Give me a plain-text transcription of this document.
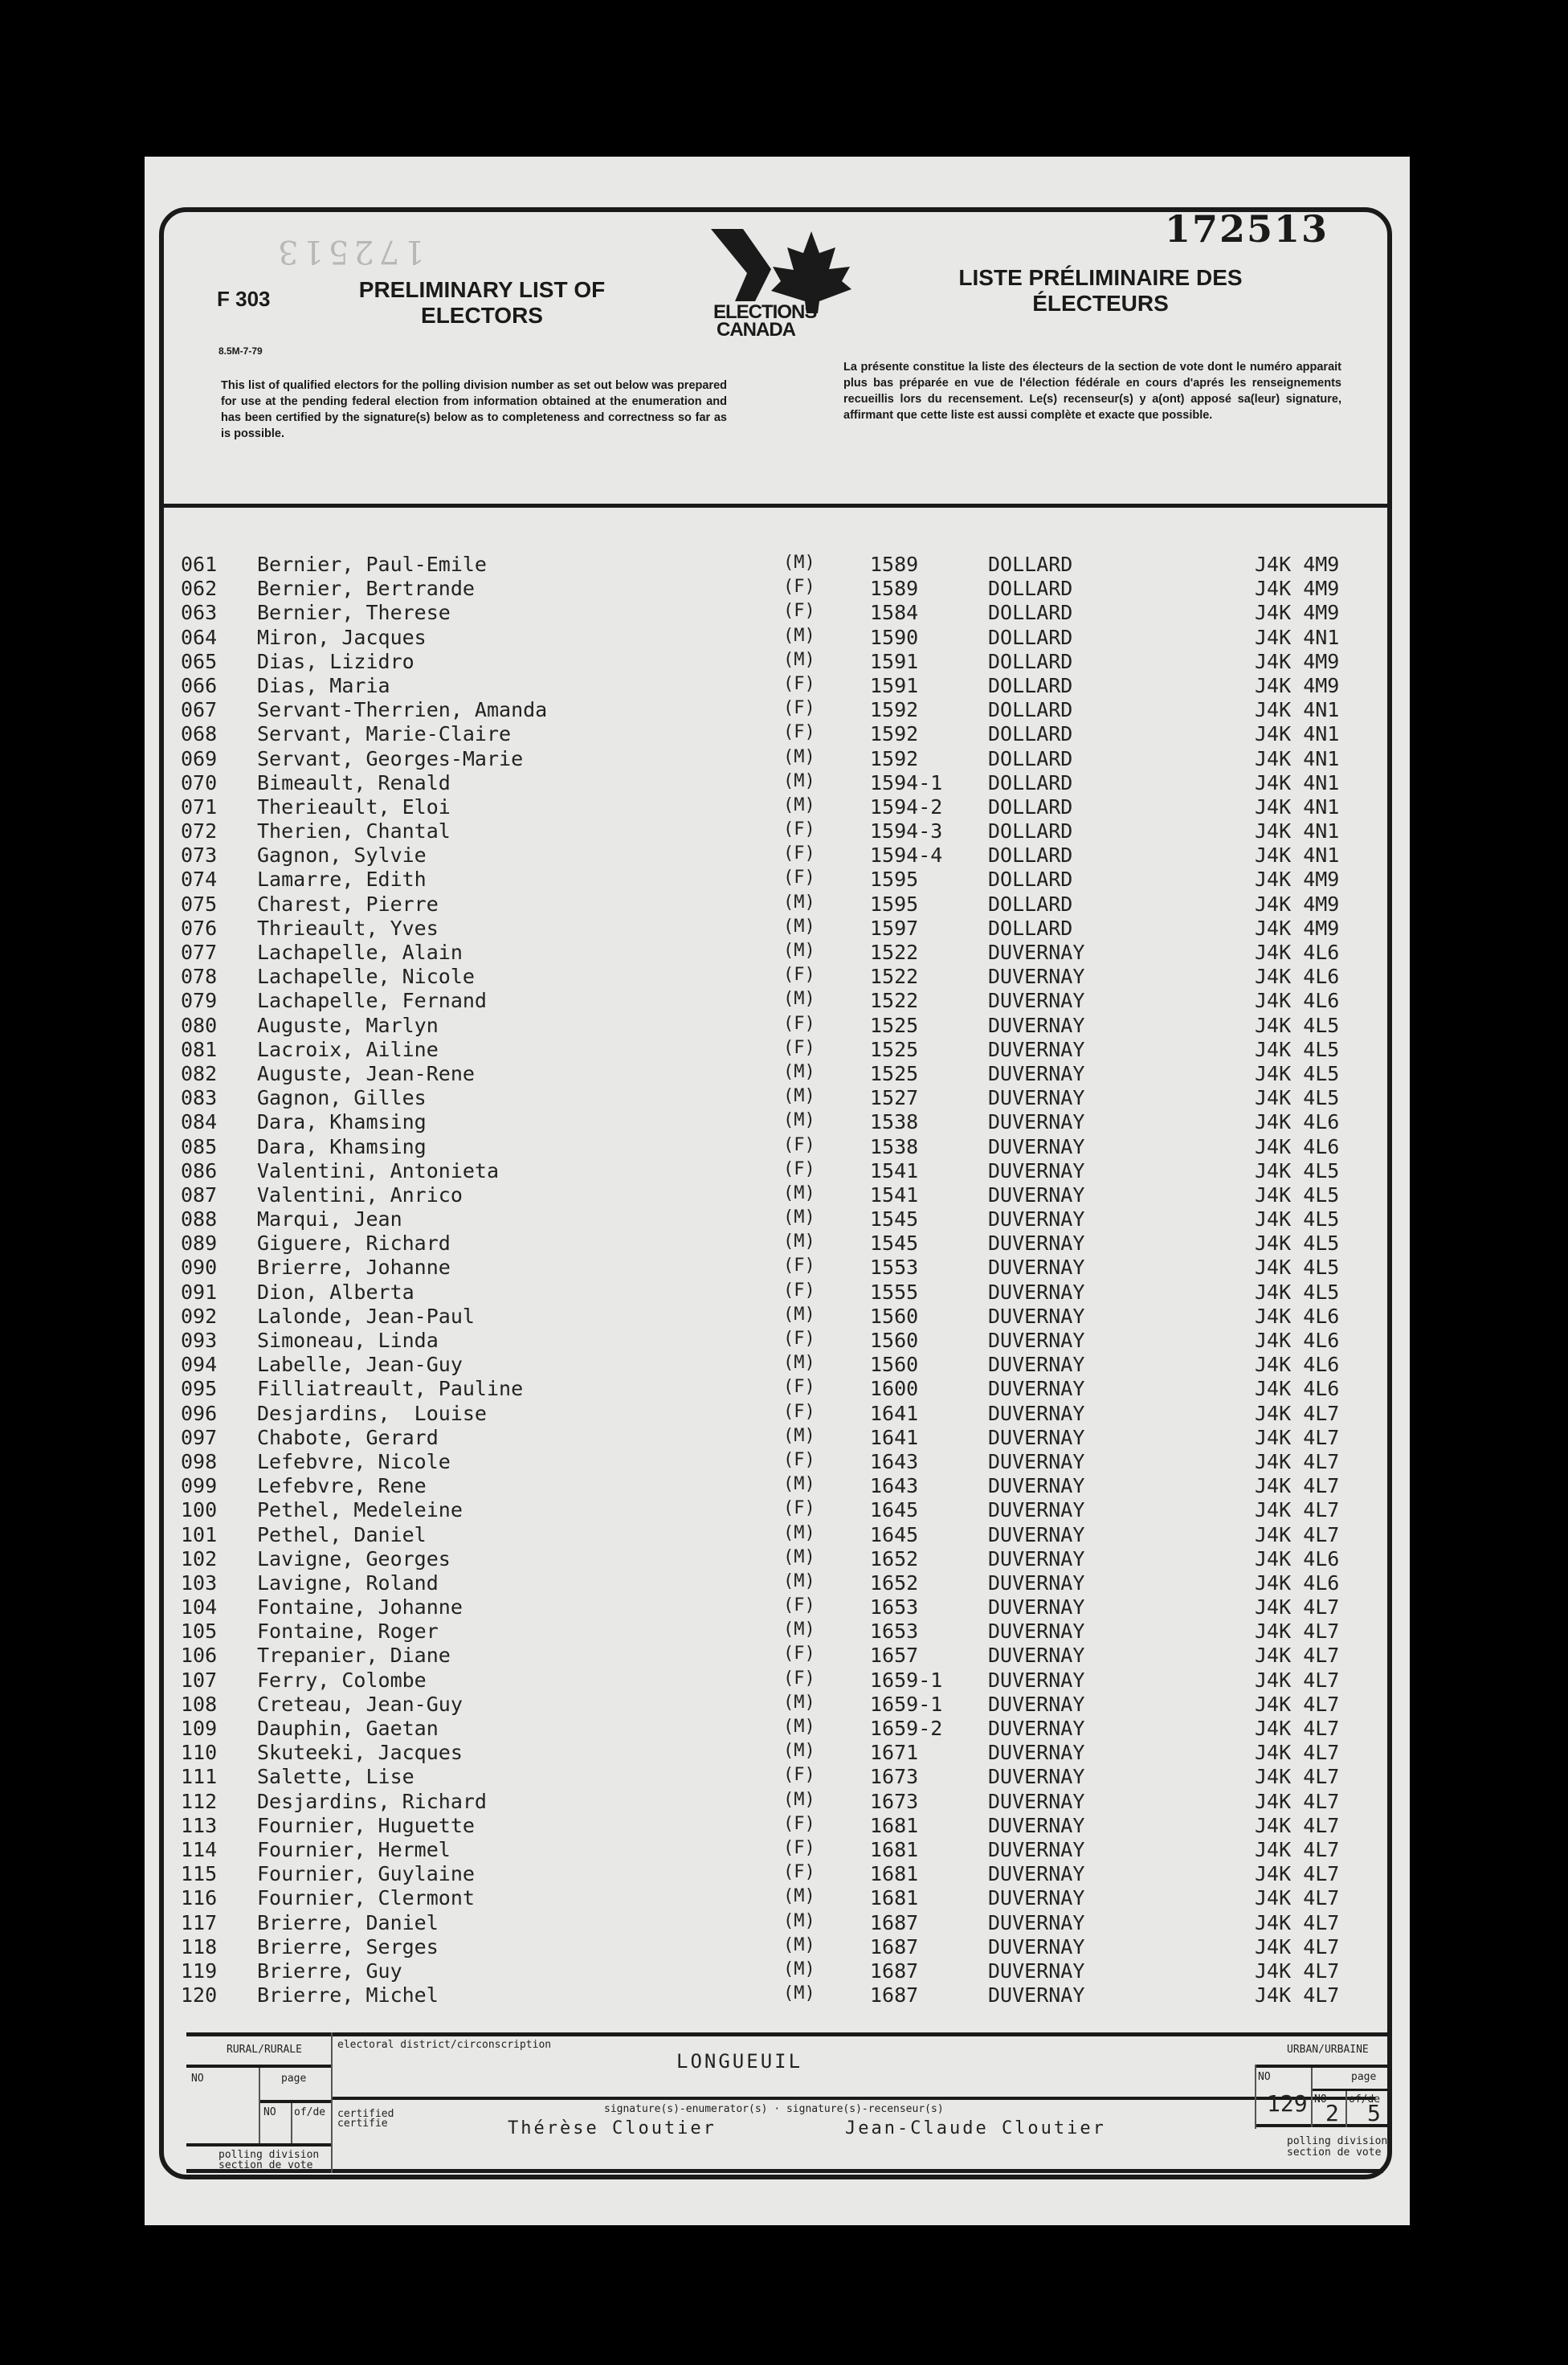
172513
F 303
8.5M-7-79
PRELIMINARY LIST OF
ELECTORS	ELECTIONS
CANADA
172513
LISTE PRÉLIMINAIRE DES
ÉLECTEURS
This list of qualified electors for the polling division number as set out below was prepared for use at the pending federal election from information obtained at the enumeration and has been certified by the signature(s) below as to completeness and correctness so far as is possible.
La présente constitue la liste des électeurs de la section de vote dont le numéro apparait plus bas préparée en vue de l'élection fédérale en cours d'aprés les renseignements recueillis lors du recensement. Le(s) recenseur(s) y a(ont) apposé sa(leur) signature, affirmant que cette liste est aussi complète et exacte que possible.
061 Bernier, Paul-Emile	(M)	1589	DOLLARD	J4K 4M9
062 Bernier, Bertrande	(F)	1589	DOLLARD	J4K 4M9
063 Bernier, Therese	(F)	1584	DOLLARD	J4K 4M9
064 Miron, Jacques	(M)	1590	DOLLARD	J4K 4N1
065 Dias, Lizidro	(M)	1591	DOLLARD	J4K 4M9
066 Dias, Maria	(F)	1591	DOLLARD	J4K 4M9
067 Servant-Therrien, Amanda	(F)	1592	DOLLARD	J4K 4N1
068 Servant, Marie-Claire	(F)	1592	DOLLARD	J4K 4N1
069 Servant, Georges-Marie	(M)	1592	DOLLARD	J4K 4N1
070 Bimeault, Renald	(M)	1594-1 DOLLARD	J4K 4N1
071 Therieault, Eloi	(M)	1594-2 DOLLARD	J4K 4N1
072 Therien, Chantal	(F)	1594-3 DOLLARD	J4K 4N1
073 Gagnon, Sylvie	(F)	1594-4 DOLLARD	J4K 4N1
074 Lamarre, Edith	(F)	1595	DOLLARD	J4K 4M9
075 Charest, Pierre	(M)	1595	DOLLARD	J4K 4M9
076 Thrieault, Yves	(M)	1597	DOLLARD	J4K 4M9
077 Lachapelle, Alain	(M)	1522	DUVERNAY	J4K 4L6
078 Lachapelle, Nicole	(F)	1522	DUVERNAY	J4K 4L6
079 Lachapelle, Fernand	(M)	1522	DUVERNAY	J4K 4L6
080 Auguste, Marlyn	(F)	1525	DUVERNAY	J4K 4L5
081 Lacroix, Ailine	(F)	1525	DUVERNAY	J4K 4L5
082 Auguste, Jean-Rene	(M)	1525	DUVERNAY	J4K 4L5
083 Gagnon, Gilles	(M)	1527	DUVERNAY	J4K 4L5
084 Dara, Khamsing	(M)	1538	DUVERNAY	J4K 4L6
085 Dara, Khamsing	(F)	1538	DUVERNAY	J4K 4L6
086 Valentini, Antonieta	(F)	1541	DUVERNAY	J4K 4L5
087 Valentini, Anrico	(M)	1541	DUVERNAY	J4K 4L5
088 Marqui, Jean	(M)	1545	DUVERNAY	J4K 4L5
089 Giguere, Richard	(M)	1545	DUVERNAY	J4K 4L5
090 Brierre, Johanne	(F)	1553	DUVERNAY	J4K 4L5
091 Dion, Alberta	(F)	1555	DUVERNAY	J4K 4L5
092 Lalonde, Jean-Paul	(M)	1560	DUVERNAY	J4K 4L6
093 Simoneau, Linda	(F)	1560	DUVERNAY	J4K 4L6
094 Labelle, Jean-Guy	(M)	1560	DUVERNAY	J4K 4L6
095 Filliatreault, Pauline	(F)	1600	DUVERNAY	J4K 4L6
096 Desjardins,  Louise	(F)	1641	DUVERNAY	J4K 4L7
097 Chabote, Gerard	(M)	1641	DUVERNAY	J4K 4L7
098 Lefebvre, Nicole	(F)	1643	DUVERNAY	J4K 4L7
099 Lefebvre, Rene	(M)	1643	DUVERNAY	J4K 4L7
100 Pethel, Medeleine	(F)	1645	DUVERNAY	J4K 4L7
101 Pethel, Daniel	(M)	1645	DUVERNAY	J4K 4L7
102 Lavigne, Georges	(M)	1652	DUVERNAY	J4K 4L6
103 Lavigne, Roland	(M)	1652	DUVERNAY	J4K 4L6
104 Fontaine, Johanne	(F)	1653	DUVERNAY	J4K 4L7
105 Fontaine, Roger	(M)	1653	DUVERNAY	J4K 4L7
106 Trepanier, Diane	(F)	1657	DUVERNAY	J4K 4L7
107 Ferry, Colombe	(F)	1659-1 DUVERNAY	J4K 4L7
108 Creteau, Jean-Guy	(M)	1659-1 DUVERNAY	J4K 4L7
109 Dauphin, Gaetan	(M)	1659-2 DUVERNAY	J4K 4L7
110 Skuteeki, Jacques	(M)	1671	DUVERNAY	J4K 4L7
111 Salette, Lise	(F)	1673	DUVERNAY	J4K 4L7
112 Desjardins, Richard	(M)	1673	DUVERNAY	J4K 4L7
113 Fournier, Huguette	(F)	1681	DUVERNAY	J4K 4L7
114 Fournier, Hermel	(F)	1681	DUVERNAY	J4K 4L7
115 Fournier, Guylaine	(F)	1681	DUVERNAY	J4K 4L7
116 Fournier, Clermont	(M)	1681	DUVERNAY	J4K 4L7
117 Brierre, Daniel	(M)	1687	DUVERNAY	J4K 4L7
118 Brierre, Serges	(M)	1687	DUVERNAY	J4K 4L7
119 Brierre, Guy	(M)	1687	DUVERNAY	J4K 4L7
120 Brierre, Michel	(M)	1687	DUVERNAY	J4K 4L7
RURAL/RURALE
NO	page
NO of/de
polling division
section de vote
electoral district/circonscription
LONGUEUIL
certified
certifie
signature(s)-enumerator(s) · signature(s)-recenseur(s)
Thérèse Cloutier	Jean-Claude Cloutier
URBAN/URBAINE
NO	page
NO of/de
129 2 5
polling division
section de vote
